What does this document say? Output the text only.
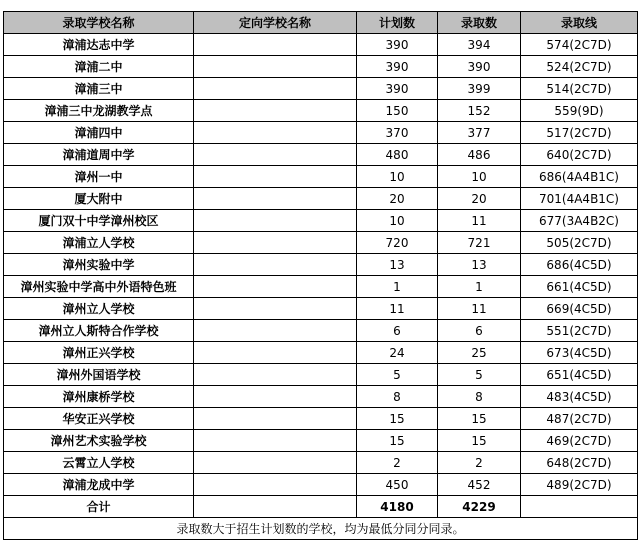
录取学校名称	定向学校名称	计划数	录取数	录取线
漳浦达志中学		390	394	574(2C7D)
漳浦二中		390	390	524(2C7D)
漳浦三中		390	399	514(2C7D)
漳浦三中龙湖教学点		150	152	559(9D)
漳浦四中		370	377	517(2C7D)
漳浦道周中学		480	486	640(2C7D)
漳州一中		10	10	686(4A4B1C)
厦大附中		20	20	701(4A4B1C)
厦门双十中学漳州校区		10	11	677(3A4B2C)
漳浦立人学校		720	721	505(2C7D)
漳州实验中学		13	13	686(4C5D)
漳州实验中学高中外语特色班		1	1	661(4C5D)
漳州立人学校		11	11	669(4C5D)
漳州立人斯特合作学校		6	6	551(2C7D)
漳州正兴学校		24	25	673(4C5D)
漳州外国语学校		5	5	651(4C5D)
漳州康桥学校		8	8	483(4C5D)
华安正兴学校		15	15	487(2C7D)
漳州艺术实验学校		15	15	469(2C7D)
云霄立人学校		2	2	648(2C7D)
漳浦龙成中学		450	452	489(2C7D)
合计		4180	4229	
录取数大于招生计划数的学校，均为最低分同分同录。				
